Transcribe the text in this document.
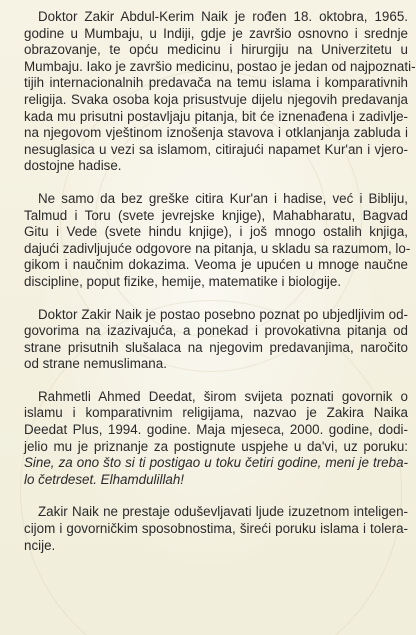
Doktor Zakir Abdul-Kerim Naik je rođen 18. oktobra, 1965.
godine u Mumbaju, u Indiji, gdje je završio osnovno i srednje
obrazovanje, te opću medicinu i hirurgiju na Univerzitetu u
Mumbaju. Iako je završio medicinu, postao je jedan od najpoznati-
tijih internacionalnih predavača na temu islama i komparativnih
religija. Svaka osoba koja prisustvuje dijelu njegovih predavanja
kada mu prisutni postavljaju pitanja, bit će iznenađena i zadivlje-
na njegovom vještinom iznošenja stavova i otklanjanja zabluda i
nesuglasica u vezi sa islamom, citirajući napamet Kur'an i vjero-
dostojne hadise.
Ne samo da bez greške citira Kur'an i hadise, već i Bibliju,
Talmud i Toru (svete jevrejske knjige), Mahabharatu, Bagvad
Gitu i Vede (svete hindu knjige), i još mnogo ostalih knjiga,
dajući zadivljujuće odgovore na pitanja, u skladu sa razumom, lo-
gikom i naučnim dokazima. Veoma je upućen u mnoge naučne
discipline, poput fizike, hemije, matematike i biologije.
Doktor Zakir Naik je postao posebno poznat po ubjedljivim od-
govorima na izazivajuća, a ponekad i provokativna pitanja od
strane prisutnih slušalaca na njegovim predavanjima, naročito
od strane nemuslimana.
Rahmetli Ahmed Deedat, širom svijeta poznati govornik o
islamu i komparativnim religijama, nazvao je Zakira Naika
Deedat Plus, 1994. godine. Maja mjeseca, 2000. godine, dodi-
jelio mu je priznanje za postignute uspjehe u da'vi, uz poruku:
Sine, za ono što si ti postigao u toku četiri godine, meni je treba-
lo četrdeset. Elhamdulillah!
Zakir Naik ne prestaje oduševljavati ljude izuzetnom inteligen-
cijom i govorničkim sposobnostima, šireći poruku islama i tolera-
ncije.
